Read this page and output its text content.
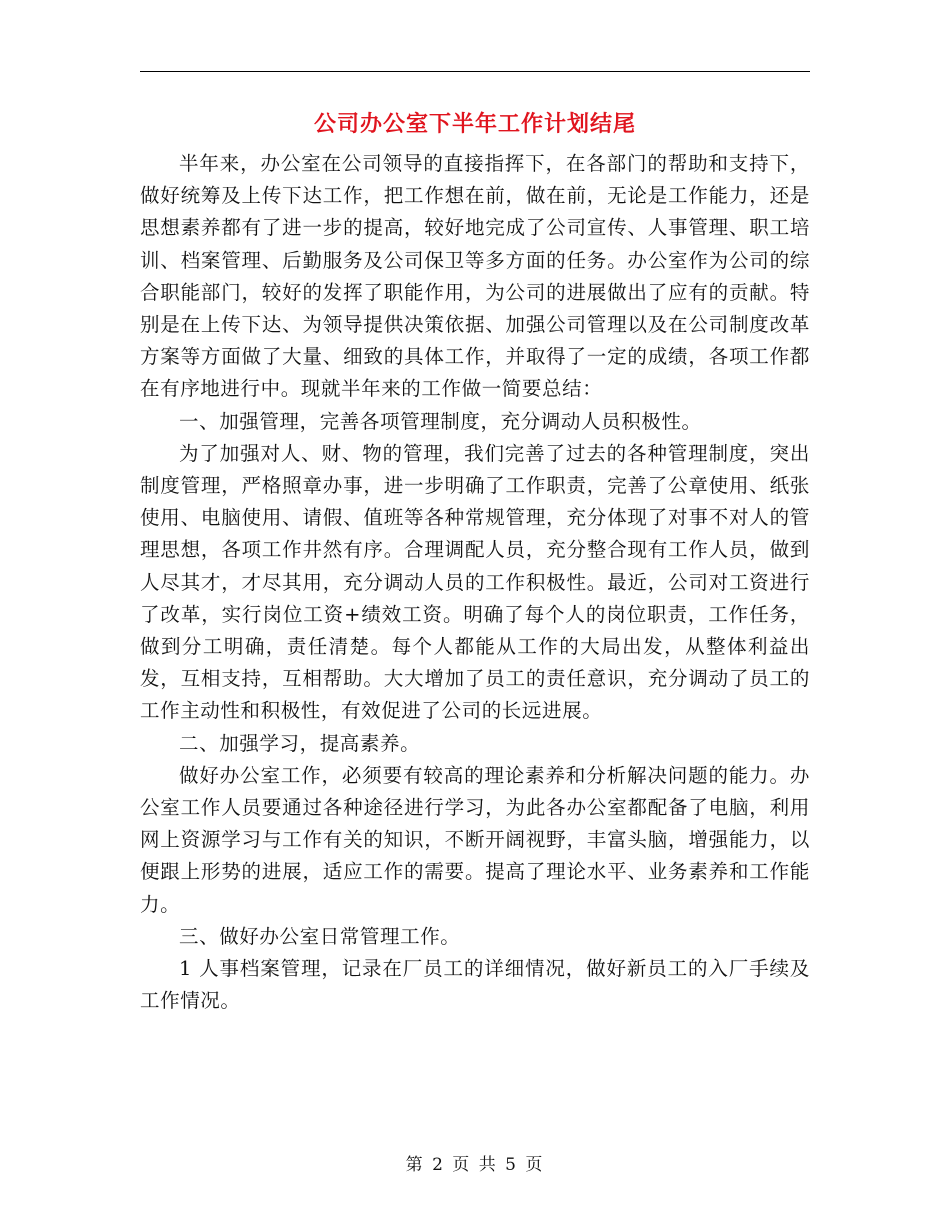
公司办公室下半年工作计划结尾

半年来，办公室在公司领导的直接指挥下，在各部门的帮助和支持下，做好统筹及上传下达工作，把工作想在前，做在前，无论是工作能力，还是思想素养都有了进一步的提高，较好地完成了公司宣传、人事管理、职工培训、档案管理、后勤服务及公司保卫等多方面的任务。办公室作为公司的综合职能部门，较好的发挥了职能作用，为公司的进展做出了应有的贡献。特别是在上传下达、为领导提供决策依据、加强公司管理以及在公司制度改革方案等方面做了大量、细致的具体工作，并取得了一定的成绩，各项工作都在有序地进行中。现就半年来的工作做一简要总结：

一、加强管理，完善各项管理制度，充分调动人员积极性。

为了加强对人、财、物的管理，我们完善了过去的各种管理制度，突出制度管理，严格照章办事，进一步明确了工作职责，完善了公章使用、纸张使用、电脑使用、请假、值班等各种常规管理，充分体现了对事不对人的管理思想，各项工作井然有序。合理调配人员，充分整合现有工作人员，做到人尽其才，才尽其用，充分调动人员的工作积极性。最近，公司对工资进行了改革，实行岗位工资+绩效工资。明确了每个人的岗位职责，工作任务，做到分工明确，责任清楚。每个人都能从工作的大局出发，从整体利益出发，互相支持，互相帮助。大大增加了员工的责任意识，充分调动了员工的工作主动性和积极性，有效促进了公司的长远进展。

二、加强学习，提高素养。

做好办公室工作，必须要有较高的理论素养和分析解决问题的能力。办公室工作人员要通过各种途径进行学习，为此各办公室都配备了电脑，利用网上资源学习与工作有关的知识，不断开阔视野，丰富头脑，增强能力，以便跟上形势的进展，适应工作的需要。提高了理论水平、业务素养和工作能力。

三、做好办公室日常管理工作。

1 人事档案管理，记录在厂员工的详细情况，做好新员工的入厂手续及工作情况。

第 2 页 共 5 页
